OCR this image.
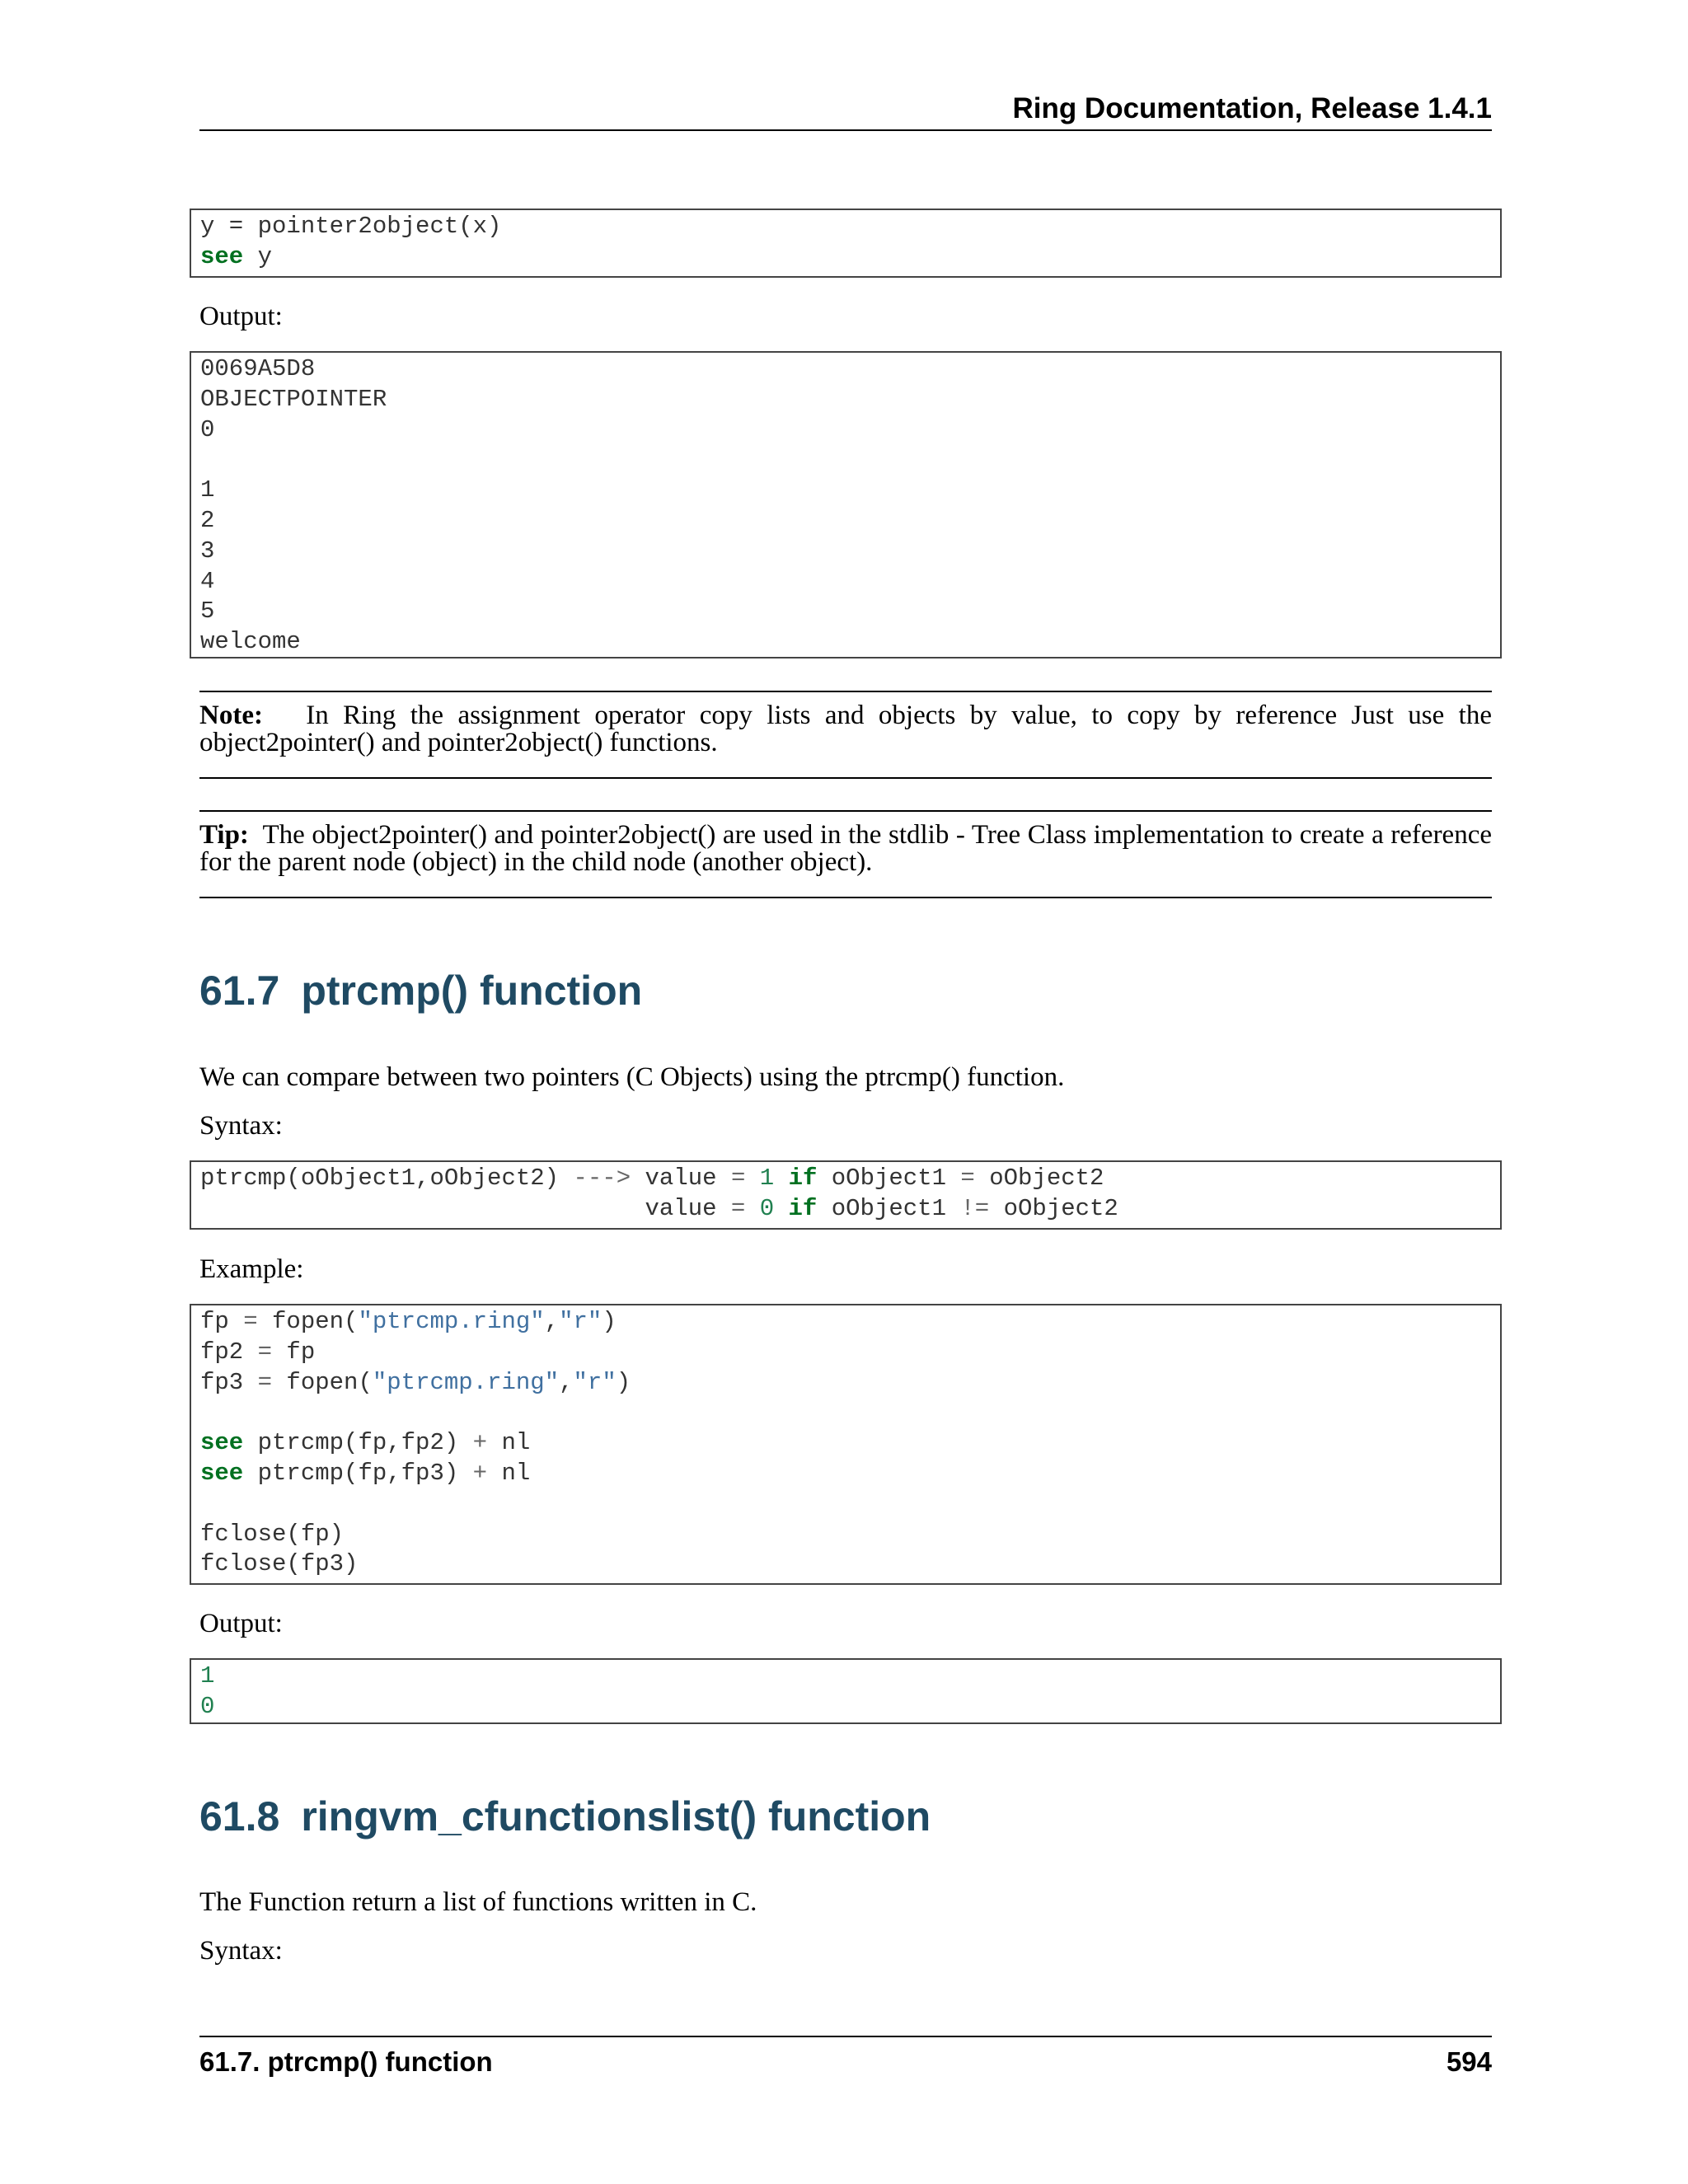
Ring Documentation, Release 1.4.1
y = pointer2object(x)
see y
Output:
0069A5D8
OBJECTPOINTER
0
1
2
3
4
5
welcome
Note: In Ring the assignment operator copy lists and objects by value, to copy by reference Just use the object2pointer() and pointer2object() functions.
Tip: The object2pointer() and pointer2object() are used in the stdlib - Tree Class implementation to create a reference for the parent node (object) in the child node (another object).
61.7 ptrcmp() function
We can compare between two pointers (C Objects) using the ptrcmp() function.
Syntax:
ptrcmp(oObject1,oObject2) ---> value = 1 if oObject1 = oObject2
value = 0 if oObject1 != oObject2
Example:
fp = fopen("ptrcmp.ring","r")
fp2 = fp
fp3 = fopen("ptrcmp.ring","r")
see ptrcmp(fp,fp2) + nl
see ptrcmp(fp,fp3) + nl
fclose(fp)
fclose(fp3)
Output:
1
0
61.8 ringvm_cfunctionslist() function
The Function return a list of functions written in C.
Syntax:
61.7. ptrcmp() function	594
